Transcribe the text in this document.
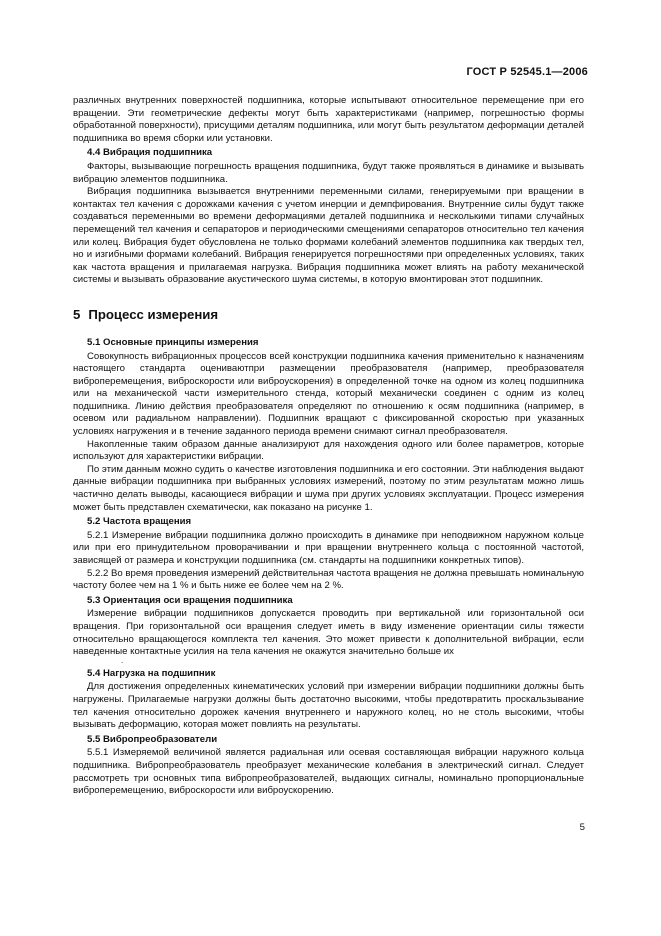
ГОСТ Р 52545.1—2006

различных внутренних поверхностей подшипника, которые испытывают относительное перемещение при его вращении. Эти геометрические дефекты могут быть характеристиками (например, погрешностью формы обработанной поверхности), присущими деталям подшипника, или могут быть результатом деформации деталей подшипника во время сборки или установки.

4.4 Вибрация подшипника

Факторы, вызывающие погрешность вращения подшипника, будут также проявляться в динамике и вызывать вибрацию элементов подшипника.

Вибрация подшипника вызывается внутренними переменными силами, генерируемыми при вращении в контактах тел качения с дорожками качения с учетом инерции и демпфирования. Внутренние силы будут также создаваться переменными во времени деформациями деталей подшипника и несколькими типами случайных перемещений тел качения и сепараторов и периодическими смещениями сепараторов относительно тел качения или колец. Вибрация будет обусловлена не только формами колебаний элементов подшипника как твердых тел, но и изгибными формами колебаний. Вибрация генерируется погрешностями при определенных условиях, таких как частота вращения и прилагаемая нагрузка. Вибрация подшипника может влиять на работу механической системы и вызывать образование акустического шума системы, в которую вмонтирован этот подшипник.

5 Процесс измерения
5.1 Основные принципы измерения

Совокупность вибрационных процессов всей конструкции подшипника качения применительно к назначениям настоящего стандарта оцениваютпри размещении преобразователя (например, преобразователя виброперемещения, виброскорости или виброускорения) в определенной точке на одном из колец подшипника или на механической части измерительного стенда, который механически соединен с одним из колец подшипника. Линию действия преобразователя определяют по отношению к осям подшипника (например, в осевом или радиальном направлении). Подшипник вращают с фиксированной скоростью при указанных условиях нагружения и в течение заданного периода времени снимают сигнал преобразователя.

Накопленные таким образом данные анализируют для нахождения одного или более параметров, которые используют для характеристики вибрации.

По этим данным можно судить о качестве изготовления подшипника и его состоянии. Эти наблюдения выдают данные вибрации подшипника при выбранных условиях измерений, поэтому по этим результатам можно лишь частично делать выводы, касающиеся вибрации и шума при других условиях эксплуатации. Процесс измерения может быть представлен схематически, как показано на рисунке 1.

5.2 Частота вращения

5.2.1 Измерение вибрации подшипника должно происходить в динамике при неподвижном наружном кольце или при его принудительном проворачивании и при вращении внутреннего кольца с постоянной частотой, зависящей от размера и конструкции подшипника (см. стандарты на подшипники конкретных типов).

5.2.2 Во время проведения измерений действительная частота вращения не должна превышать номинальную частоту более чем на 1 % и быть ниже ее более чем на 2 %.

5.3 Ориентация оси вращения подшипника

Измерение вибрации подшипников допускается проводить при вертикальной или горизонтальной оси вращения. При горизонтальной оси вращения следует иметь в виду изменение ориентации силы тяжести относительно вращающегося комплекта тел качения. Это может привести к дополнительной вибрации, если наведенные контактные усилия на тела качения не окажутся значительно больше их

.
5.4 Нагрузка на подшипник

Для достижения определенных кинематических условий при измерении вибрации подшипники должны быть нагружены. Прилагаемые нагрузки должны быть достаточно высокими, чтобы предотвратить проскальзывание тел качения относительно дорожек качения внутреннего и наружного колец, но не столь высокими, чтобы вызывать деформацию, которая может повлиять на результаты.

5.5 Вибропреобразователи

5.5.1 Измеряемой величиной является радиальная или осевая составляющая вибрации наружного кольца подшипника. Вибропреобразователь преобразует механические колебания в электрический сигнал. Следует рассмотреть три основных типа вибропреобразователей, выдающих сигналы, номинально пропорциональные виброперемещению, виброскорости или виброускорению.

5
